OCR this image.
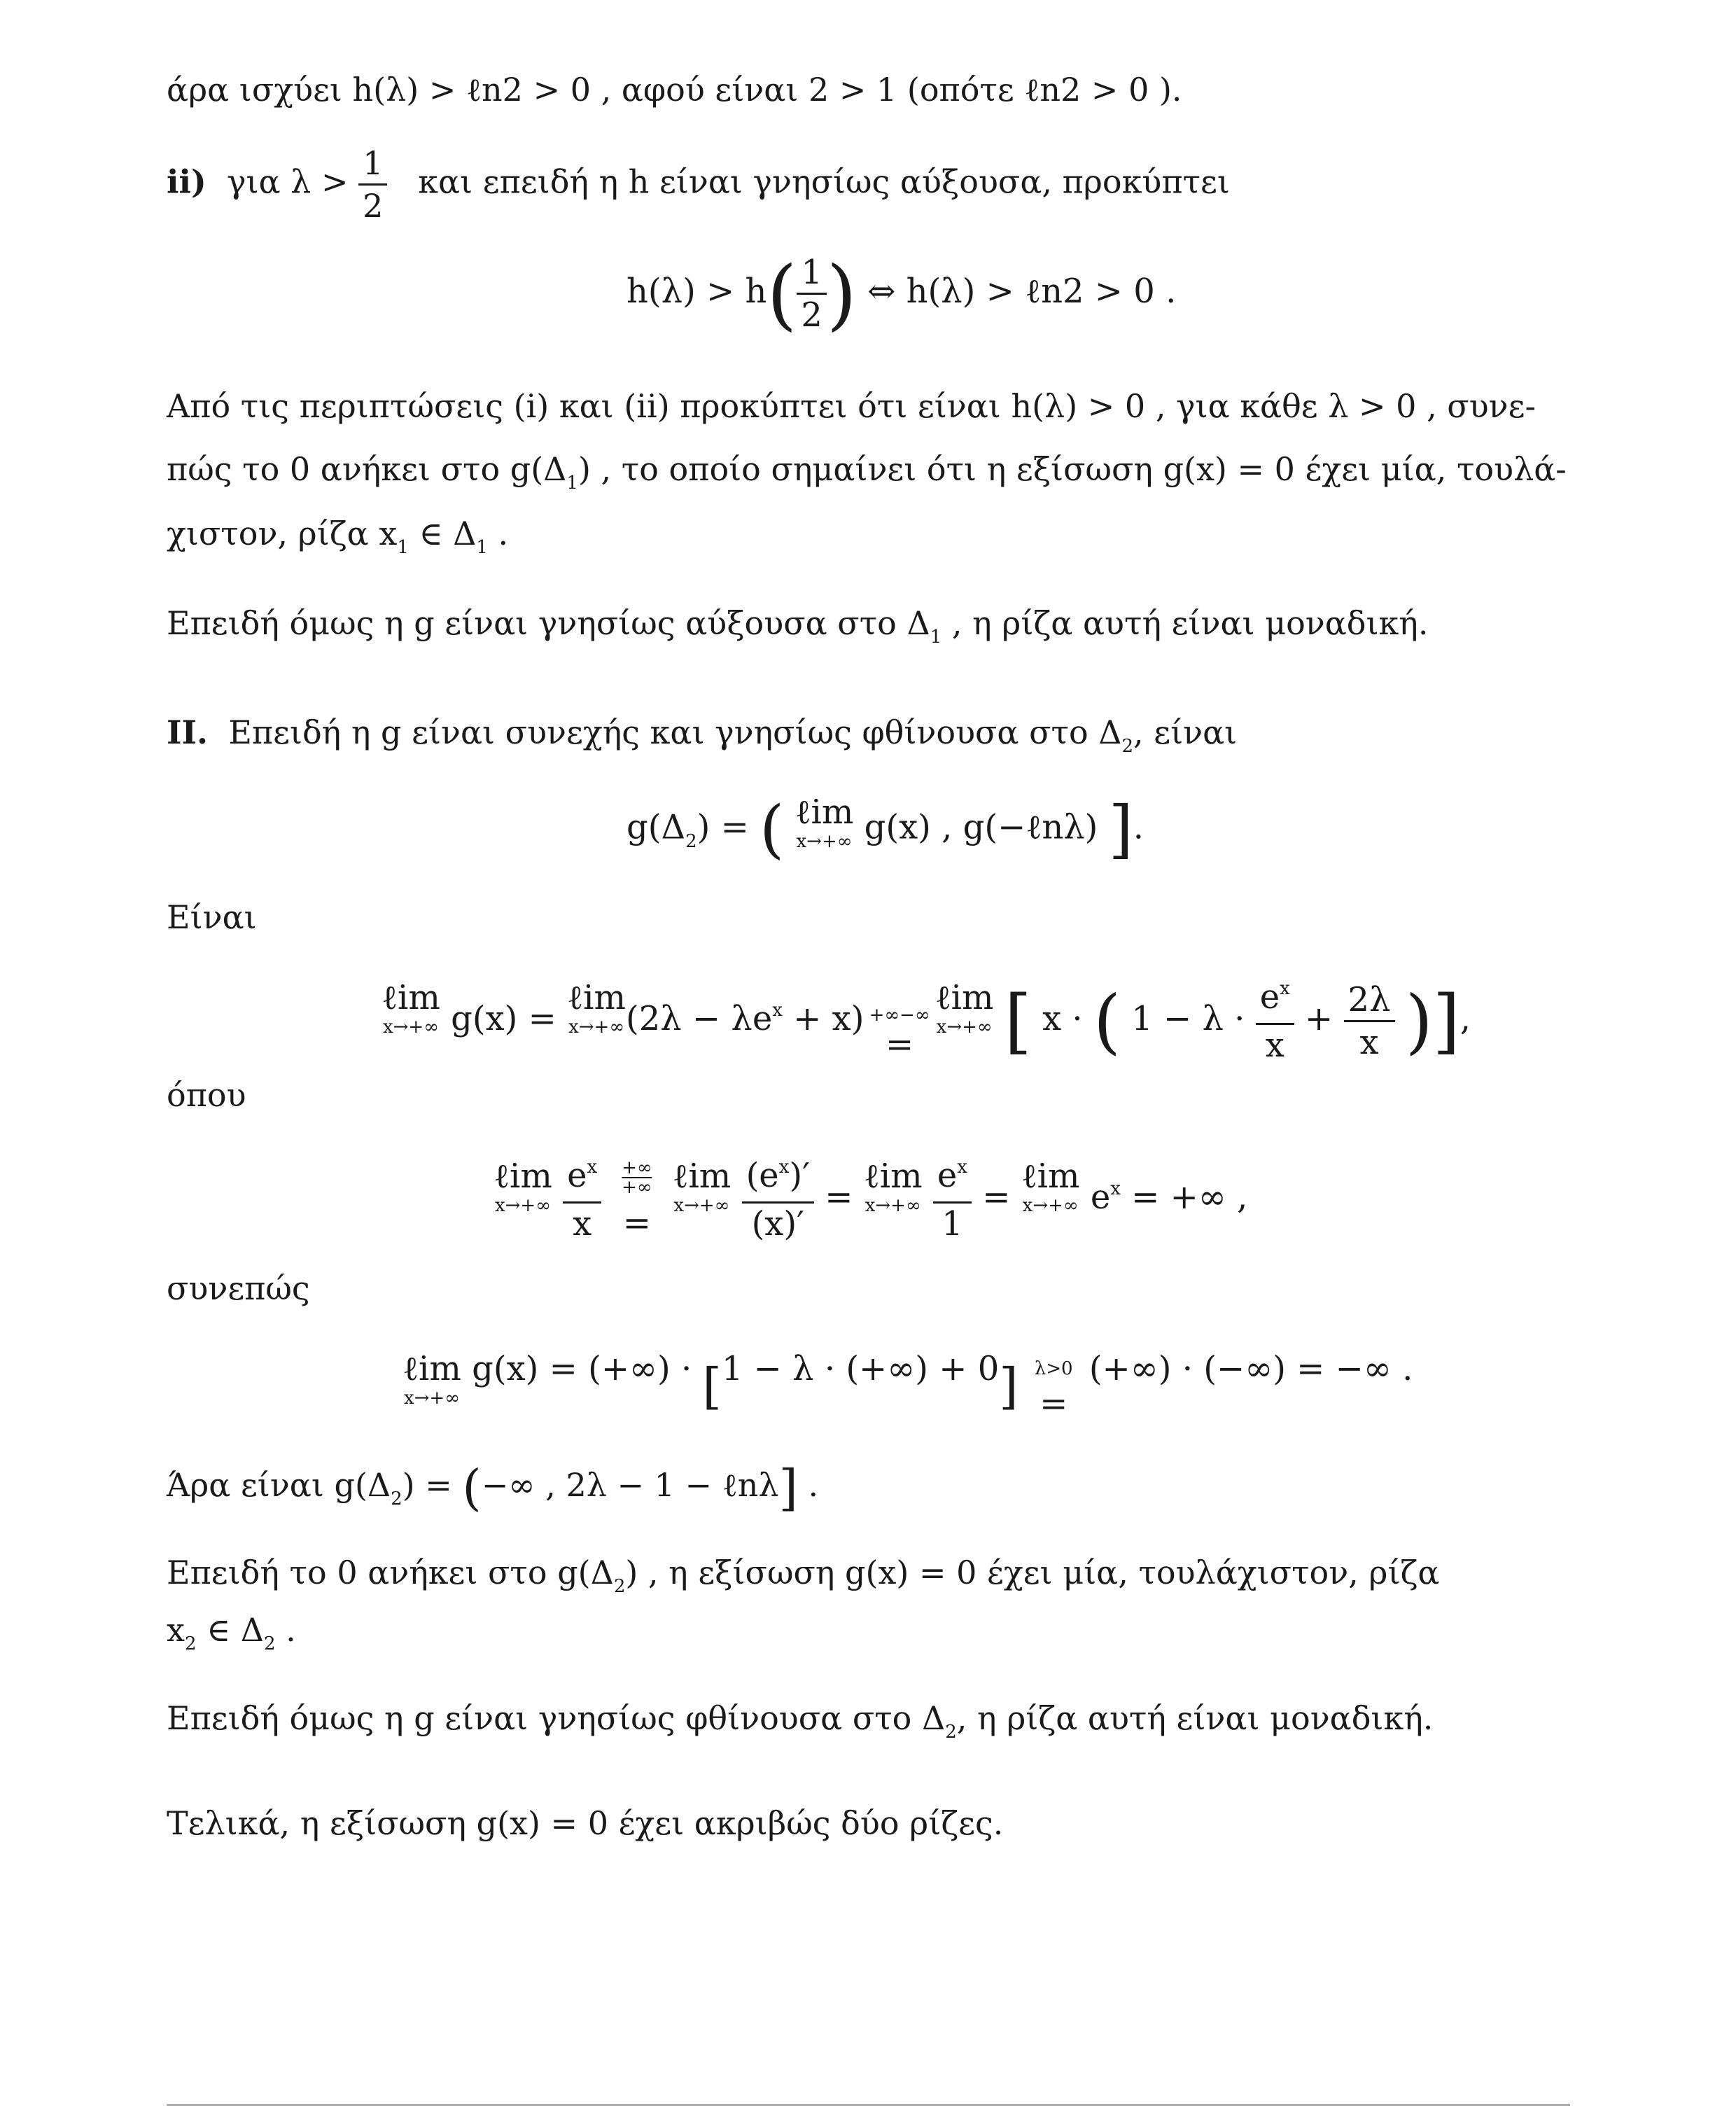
άρα ισχύει h(λ) > ℓn2 > 0 , αφού είναι 2 > 1 (οπότε ℓn2 > 0 ).
ii) για $\lambda > \frac{1}{2}$ και επειδή η h είναι γνησίως αύξουσα, προκύπτει
$h(\lambda) > h( \frac{1}{2}$ ) ⇔ h(λ) > ℓn2 > 0 .
Από τις περιπτώσεις (i) και (ii) προκύπτει ότι είναι h(λ) > 0 , για κάθε λ > 0 , συνε-
πώς το 0 ανήκει στο $g(\Delta_1)$ , το οποίο σημαίνει ότι η εξίσωση g(x) = 0 έχει μία, τουλά-
χιστον, ρίζα $x_1$ ∈ $\Delta_1$ .
Επειδή όμως η g είναι γνησίως αύξουσα στο $\Delta_1$ , η ρίζα αυτή είναι μοναδική.
II. Επειδή η g είναι συνεχής και γνησίως φθίνουσα στο $\Delta_2$, είναι
$g(\Delta_2)$ = ( ℓim
x→+∞ g(x) , g(−ℓnλ) ].
Είναι
ℓim
x→+∞ g(x) =
ℓim
x→+∞ $(2\lambda - \lambda e^x + x)$ +∞−∞
=
ℓim
x→+∞ [ x · ( $1 - \lambda \cdot \frac{e^x}{x} + \frac{2\lambda}{x}$ )],
όπου
ℓim
x→+∞
$\frac{e^x}{x}$
+∞
+∞
=
ℓim
x→+∞
$\frac{(e^x)'}{(x)'}$ =
ℓim
x→+∞
$\frac{e^x}{1}$ =
ℓim
x→+∞ $e^x$ = +∞ ,
συνεπώς
ℓim
x→+∞
g(x) = (+∞) · [1 − λ · (+∞) + 0] λ>0
=  (+∞) · (−∞) = −∞ .
Άρα είναι $g(\Delta_2)$ = (−∞ , 2λ − 1 − ℓnλ] .
Επειδή το 0 ανήκει στο $g(\Delta_2)$ , η εξίσωση g(x) = 0 έχει μία, τουλάχιστον, ρίζα
$x_2$ ∈ $\Delta_2$ .
Επειδή όμως η g είναι γνησίως φθίνουσα στο $\Delta_2$, η ρίζα αυτή είναι μοναδική.
Τελικά, η εξίσωση g(x) = 0 έχει ακριβώς δύο ρίζες.
